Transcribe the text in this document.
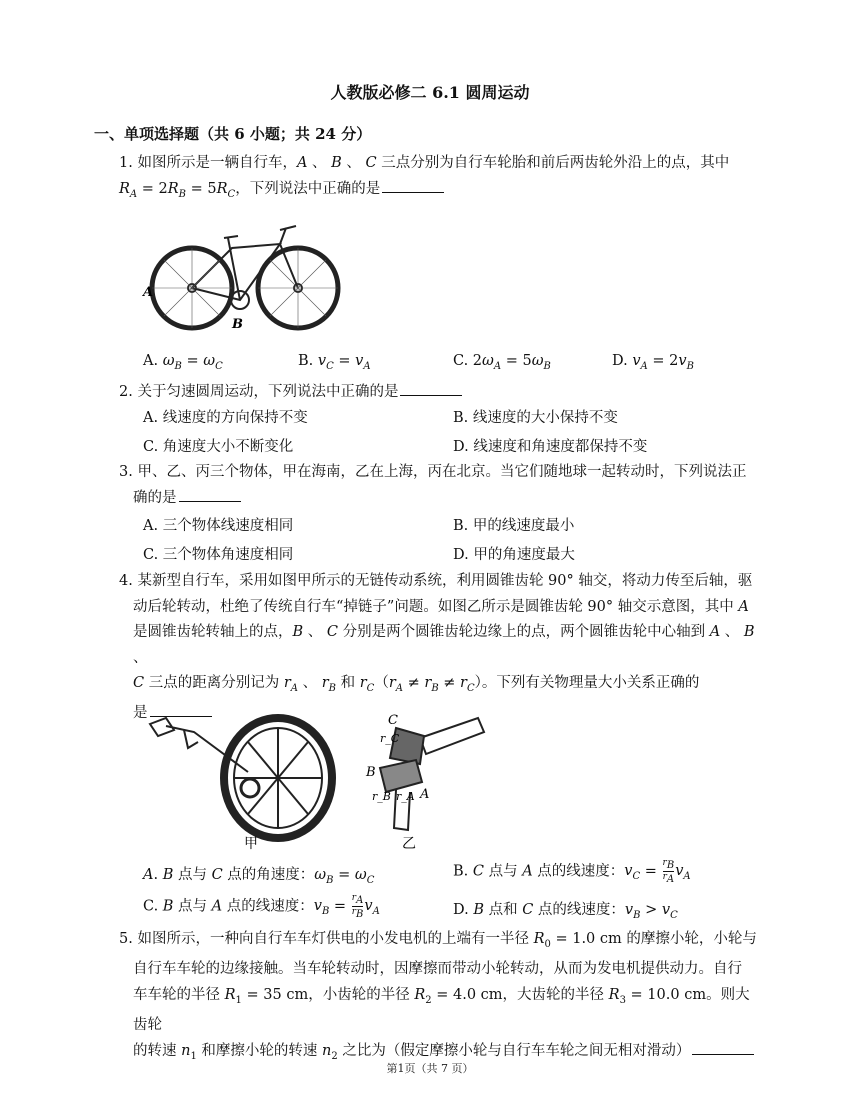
人教版必修二 6.1 圆周运动
一、单项选择题（共 6 小题；共 24 分）
1. 如图所示是一辆自行车，A 、 B 、 C 三点分别为自行车轮胎和前后两齿轮外沿上的点，其中
$R_A = 2R_B = 5R_C$，下列说法中正确的是
A
B
A. $\omega_B = \omega_C$	B. $v_C = v_A$	C. $2\omega_A = 5\omega_B$	D. $v_A = 2v_B$
2. 关于匀速圆周运动，下列说法中正确的是
A. 线速度的方向保持不变	B. 线速度的大小保持不变
C. 角速度大小不断变化	D. 线速度和角速度都保持不变
3. 甲、乙、丙三个物体，甲在海南，乙在上海，丙在北京。当它们随地球一起转动时，下列说法正
确的是
A. 三个物体线速度相同	B. 甲的线速度最小
C. 三个物体角速度相同	D. 甲的角速度最大
4. 某新型自行车，采用如图甲所示的无链传动系统，利用圆锥齿轮 90° 轴交，将动力传至后轴，驱
动后轮转动，杜绝了传统自行车“掉链子”问题。如图乙所示是圆锥齿轮 90° 轴交示意图，其中 A
是圆锥齿轮转轴上的点，B 、 C 分别是两个圆锥齿轮边缘上的点，两个圆锥齿轮中心轴到 A 、 B 、
C 三点的距离分别记为 $r_A$ 、 $r_B$ 和 $r_C(r_A \ne r_B \ne r_C)$。下列有关物理量大小关系正确的
是
甲
C
r_C
B
r_B r_A A
乙
A. B 点与 C 点的角速度：$\omega_B = \omega_C$
B. C 点与 A 点的线速度：$v_C = \frac{r_B}{r_A} v_A$
C. B 点与 A 点的线速度：$v_B = \frac{r_A}{r_B} v_A$	D. B 点和 C 点的线速度：$v_B > v_C$
5. 如图所示，一种向自行车车灯供电的小发电机的上端有一半径 $R_0 = 1.0$ cm 的摩擦小轮，小轮与
自行车车轮的边缘接触。当车轮转动时，因摩擦而带动小轮转动，从而为发电机提供动力。自行
车车轮的半径 $R_1 = 35$ cm，小齿轮的半径 $R_2 = 4.0$ cm，大齿轮的半径 $R_3 = 10.0$ cm。则大齿轮
的转速 $n_1$ 和摩擦小轮的转速 $n_2$ 之比为（假定摩擦小轮与自行车车轮之间无相对滑动）
第1页（共 7 页）
